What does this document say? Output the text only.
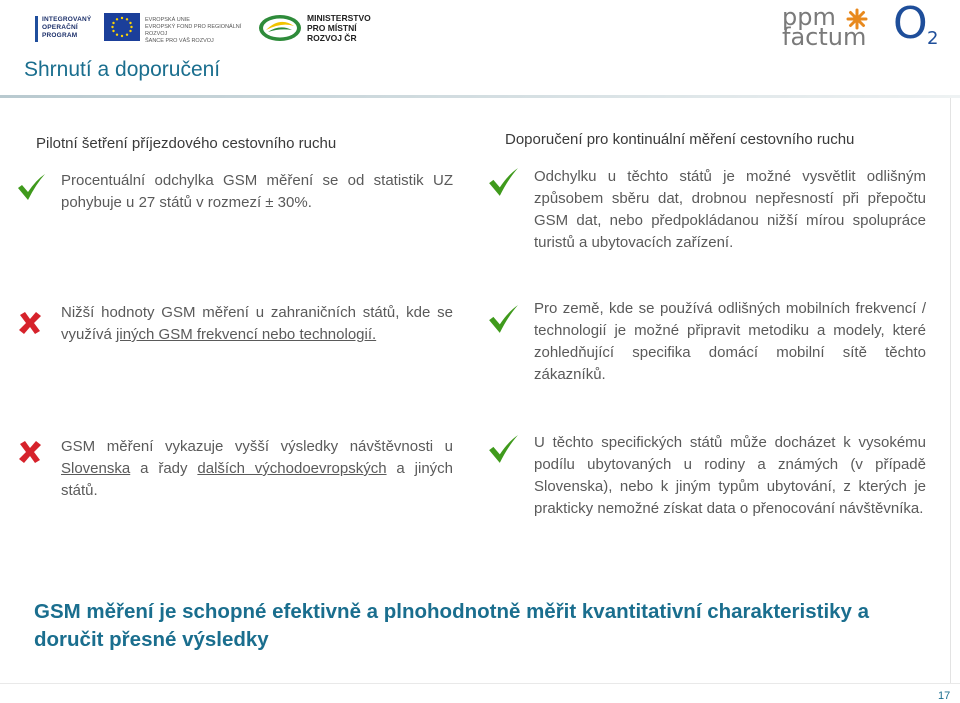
INTEGROVANÝ
OPERAČNÍ
PROGRAM
EVROPSKÁ UNIE
EVROPSKÝ FOND PRO REGIONÁLNÍ ROZVOJ
ŠANCE PRO VÁŠ ROZVOJ
MINISTERSTVO
PRO MÍSTNÍ
ROZVOJ ČR
ppm
factum O 2
Shrnutí a doporučení
Pilotní šetření příjezdového cestovního ruchu
Procentuální odchylka GSM měření se od statistik UZ pohybuje u 27 států v rozmezí ± 30%.
Nižší hodnoty GSM měření u zahraničních států, kde se využívá jiných GSM frekvencí nebo technologií.
GSM měření vykazuje vyšší výsledky návštěvnosti u Slovenska a řady dalších východoevropských a jiných států.
Doporučení pro kontinuální měření cestovního ruchu
Odchylku u těchto států je možné vysvětlit odlišným způsobem sběru dat, drobnou nepřesností při přepočtu GSM dat, nebo předpokládanou nižší mírou spolupráce turistů a ubytovacích zařízení.
Pro země, kde se používá odlišných mobilních frekvencí / technologií je možné připravit metodiku a modely, které zohledňující specifika domácí mobilní sítě těchto zákazníků.
U těchto specifických států může docházet k vysokému podílu ubytovaných u rodiny a známých (v případě Slovenska), nebo k jiným typům ubytování, z kterých je prakticky nemožné získat data o přenocování návštěvníka.
GSM měření je schopné efektivně a plnohodnotně měřit kvantitativní charakteristiky a doručit přesné výsledky
17
